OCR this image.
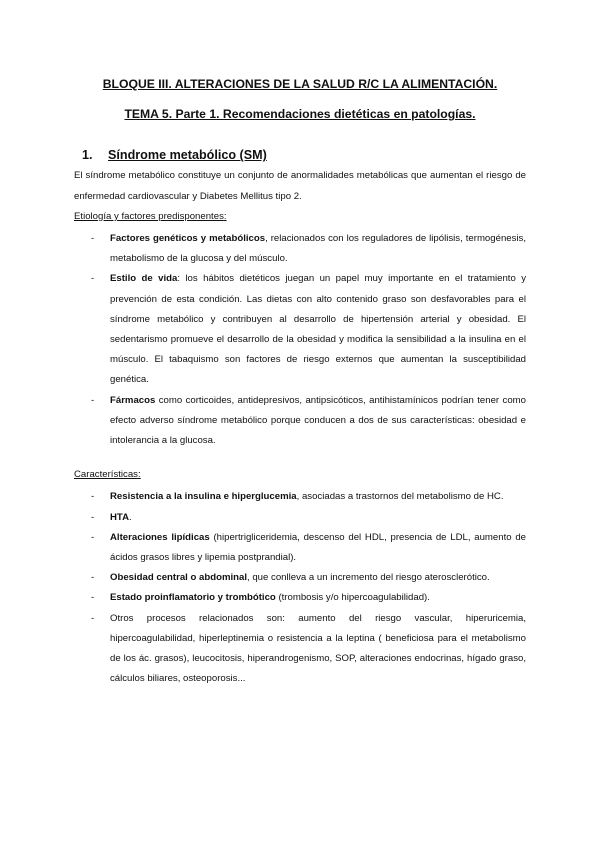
BLOQUE III. ALTERACIONES DE LA SALUD R/C LA ALIMENTACIÓN.

TEMA 5. Parte 1. Recomendaciones dietéticas en patologías.

1.	Síndrome metabólico (SM)

El síndrome metabólico constituye un conjunto de anormalidades metabólicas que aumentan el riesgo de enfermedad cardiovascular y Diabetes Mellitus tipo 2.

Etiología y factores predisponentes:

- Factores genéticos y metabólicos, relacionados con los reguladores de lipólisis, termogénesis, metabolismo de la glucosa y del músculo.
- Estilo de vida: los hábitos dietéticos juegan un papel muy importante en el tratamiento y prevención de esta condición. Las dietas con alto contenido graso son desfavorables para el síndrome metabólico y contribuyen al desarrollo de hipertensión arterial y obesidad. El sedentarismo promueve el desarrollo de la obesidad y modifica la sensibilidad a la insulina en el músculo. El tabaquismo son factores de riesgo externos que aumentan la susceptibilidad genética.
- Fármacos como corticoides, antidepresivos, antipsicóticos, antihistamínicos podrían tener como efecto adverso síndrome metabólico porque conducen a dos de sus características: obesidad e intolerancia a la glucosa.

Características:

- Resistencia a la insulina e hiperglucemia, asociadas a trastornos del metabolismo de HC.
- HTA.
- Alteraciones lipídicas (hipertrigliceridemia, descenso del HDL, presencia de LDL, aumento de ácidos grasos libres y lipemia postprandial).
- Obesidad central o abdominal, que conlleva a un incremento del riesgo aterosclerótico.
- Estado proinflamatorio y trombótico (trombosis y/o hipercoagulabilidad).
- Otros procesos relacionados son: aumento del riesgo vascular, hiperuricemia, hipercoagulabilidad, hiperleptinemia o resistencia a la leptina ( beneficiosa para el metabolismo de los ác. grasos), leucocitosis, hiperandrogenismo, SOP, alteraciones endocrinas, hígado graso, cálculos biliares, osteoporosis...
